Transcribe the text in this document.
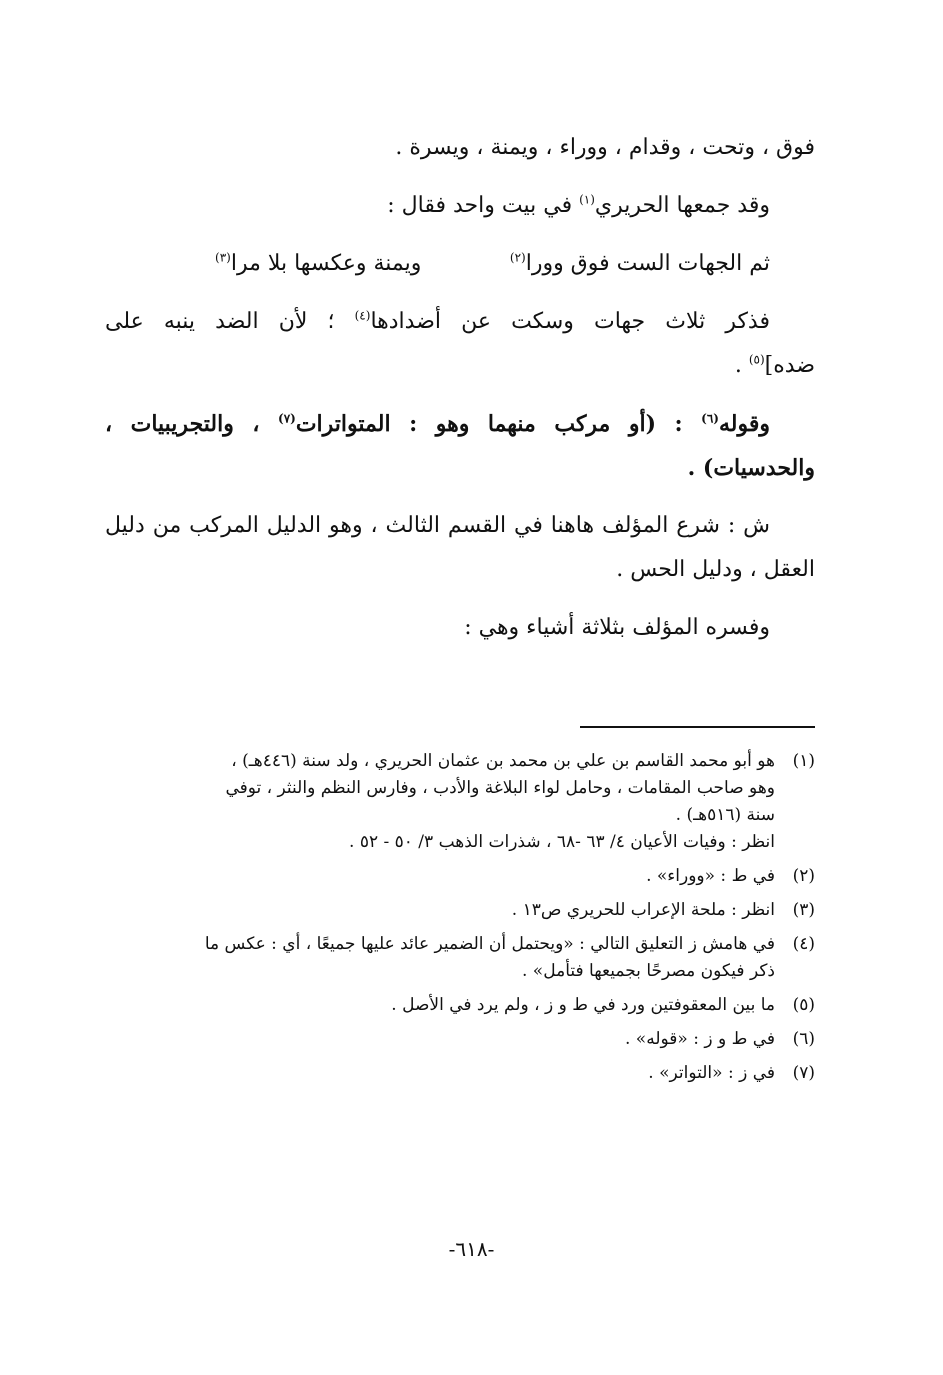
فوق ، وتحت ، وقدام ، ووراء ، ويمنة ، ويسرة .
وقد جمعها الحريري$^{(١)}$ في بيت واحد فقال :
ثم الجهات الست فوق وورا$^{(٢)}$
ويمنة وعكسها بلا مرا$^{(٣)}$
فذكر ثلاث جهات وسكت عن أضدادها$^{(٤)}$ ؛ لأن الضد ينبه على
ضده]$^{(٥)}$ .
وقوله$^{(٦)}$ : (أو مركب منهما وهو : المتواترات$^{(٧)}$ ، والتجريبيات ،
والحدسيات) .
ش : شرع المؤلف هاهنا في القسم الثالث ، وهو الدليل المركب من دليل
العقل ، ودليل الحس .
وفسره المؤلف بثلاثة أشياء وهي :
(١)
هو أبو محمد القاسم بن علي بن محمد بن عثمان الحريري ، ولد سنة (٤٤٦هـ) ،
وهو صاحب المقامات ، وحامل لواء البلاغة والأدب ، وفارس النظم والنثر ، توفي
سنة (٥١٦هـ) .
انظر : وفيات الأعيان ٤/ ٦٣ -٦٨ ، شذرات الذهب ٣/ ٥٠ - ٥٢ .
(٢)
في ط : «ووراء» .
(٣)
انظر : ملحة الإعراب للحريري ص١٣ .
(٤)
في هامش ز التعليق التالي : «ويحتمل أن الضمير عائد عليها جميعًا ، أي : عكس ما
ذكر فيكون مصرحًا بجميعها فتأمل» .
(٥)
ما بين المعقوفتين ورد في ط و ز ، ولم يرد في الأصل .
(٦)
في ط و ز : «قوله» .
(٧)
في ز : «التواتر» .
-٦١٨-
